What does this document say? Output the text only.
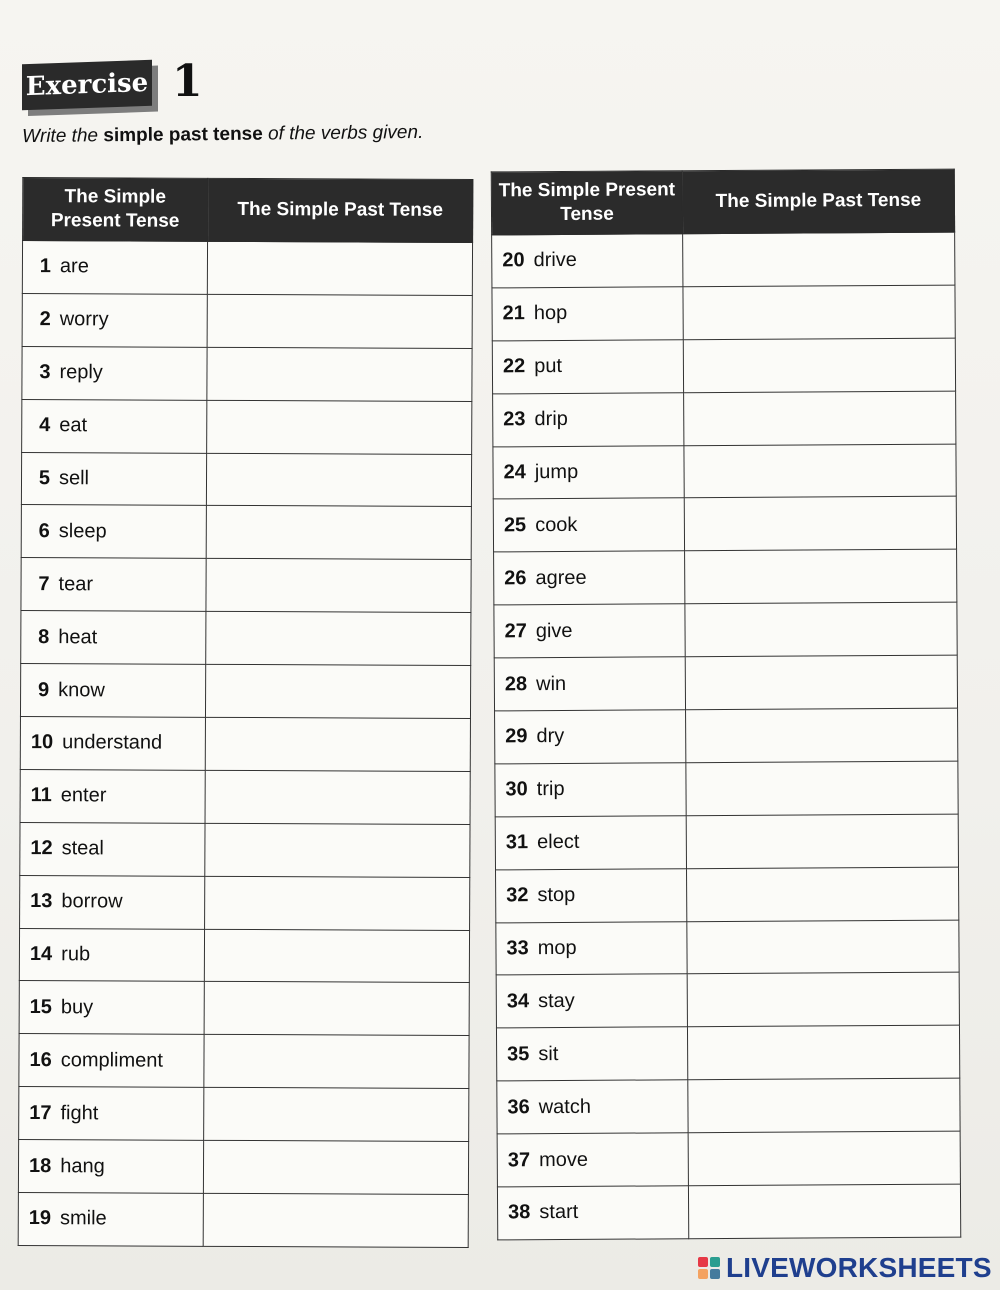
Exercise 1
Write the simple past tense of the verbs given.
The Simple Present Tense	The Simple Past Tense
1 are	
2 worry	
3 reply	
4 eat	
5 sell	
6 sleep	
7 tear	
8 heat	
9 know	
10 understand	
11 enter	
12 steal	
13 borrow	
14 rub	
15 buy	
16 compliment	
17 fight	
18 hang	
19 smile	
The Simple Present Tense	The Simple Past Tense
20 drive	
21 hop	
22 put	
23 drip	
24 jump	
25 cook	
26 agree	
27 give	
28 win	
29 dry	
30 trip	
31 elect	
32 stop	
33 mop	
34 stay	
35 sit	
36 watch	
37 move	
38 start	
LIVEWORKSHEETS
